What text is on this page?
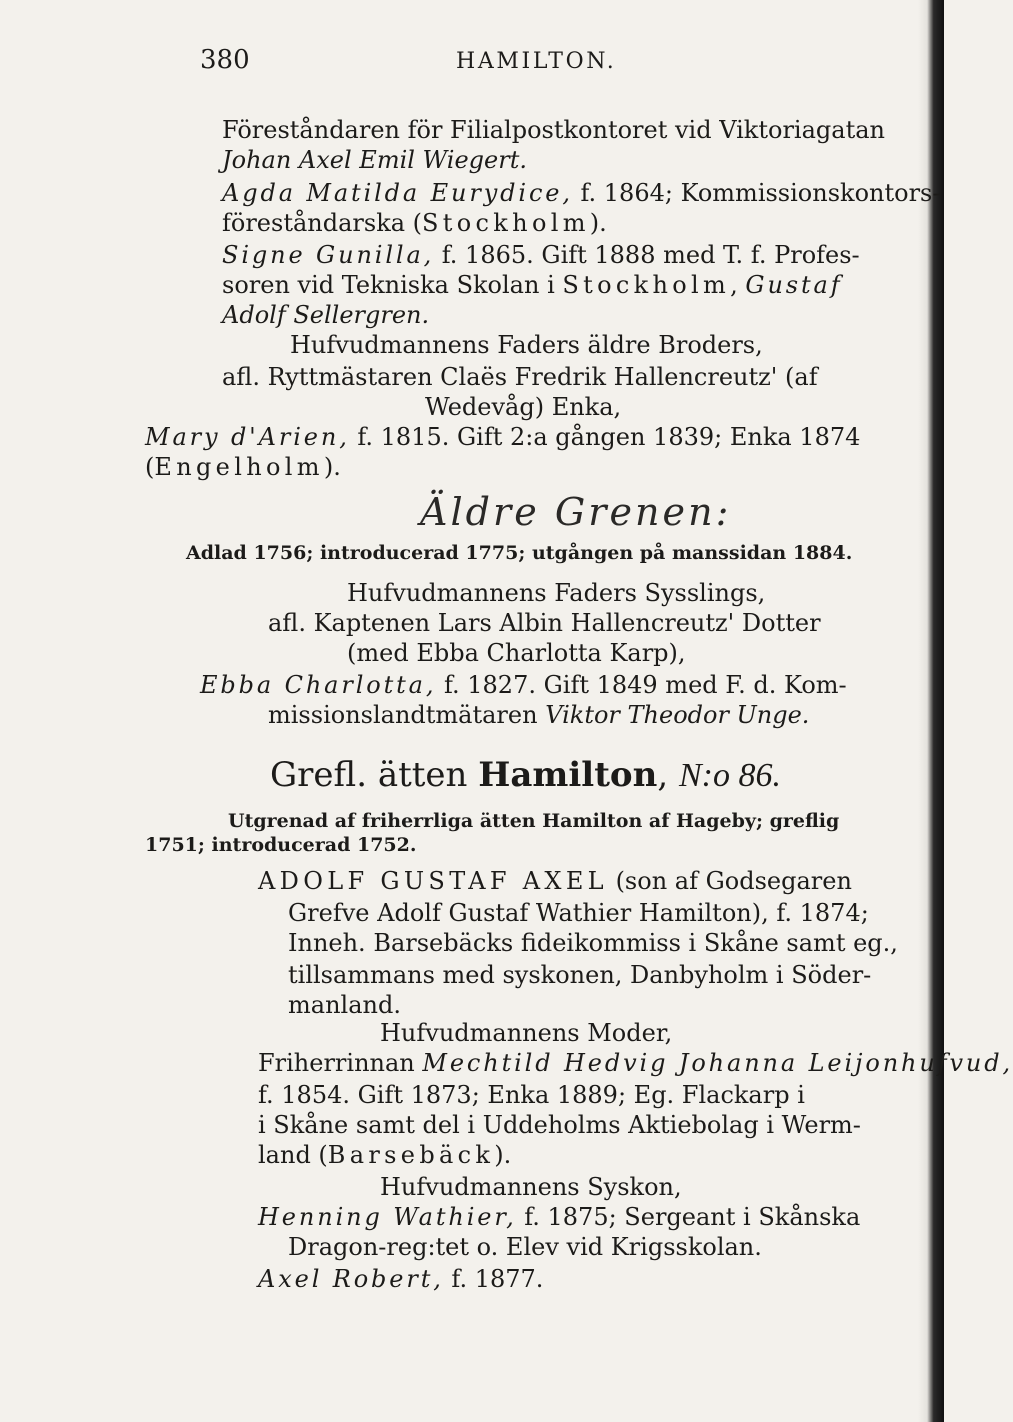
380	HAMILTON.
Föreståndaren för Filialpostkontoret vid Viktoriagatan
Johan Axel Emil Wiegert.
Agda Matilda Eurydice, f. 1864; Kommissionskontors-
föreståndarska (Stockholm).
Signe Gunilla, f. 1865. Gift 1888 med T. f. Profes-
soren vid Tekniska Skolan i Stockholm, Gustaf
Adolf Sellergren.
Hufvudmannens Faders äldre Broders,
afl. Ryttmästaren Claës Fredrik Hallencreutz' (af
Wedevåg) Enka,
Mary d'Arien, f. 1815. Gift 2:a gången 1839; Enka 1874
(Engelholm).
Äldre Grenen:
Adlad 1756; introducerad 1775; utgången på manssidan 1884.
Hufvudmannens Faders Sysslings,
afl. Kaptenen Lars Albin Hallencreutz' Dotter
(med Ebba Charlotta Karp),
Ebba Charlotta, f. 1827. Gift 1849 med F. d. Kom-
missionslandtmätaren Viktor Theodor Unge.
Grefl. ätten Hamilton, N:o 86.
Utgrenad af friherrliga ätten Hamilton af Hageby; greflig
1751; introducerad 1752.
ADOLF GUSTAF AXEL (son af Godsegaren
Grefve Adolf Gustaf Wathier Hamilton), f. 1874;
Inneh. Barsebäcks fideikommiss i Skåne samt eg.,
tillsammans med syskonen, Danbyholm i Söder-
manland.
Hufvudmannens Moder,
Friherrinnan Mechtild Hedvig Johanna Leijonhufvud,
f. 1854. Gift 1873; Enka 1889; Eg. Flackarp i
i Skåne samt del i Uddeholms Aktiebolag i Werm-
land (Barsebäck).
Hufvudmannens Syskon,
Henning Wathier, f. 1875; Sergeant i Skånska
Dragon-reg:tet o. Elev vid Krigsskolan.
Axel Robert, f. 1877.
